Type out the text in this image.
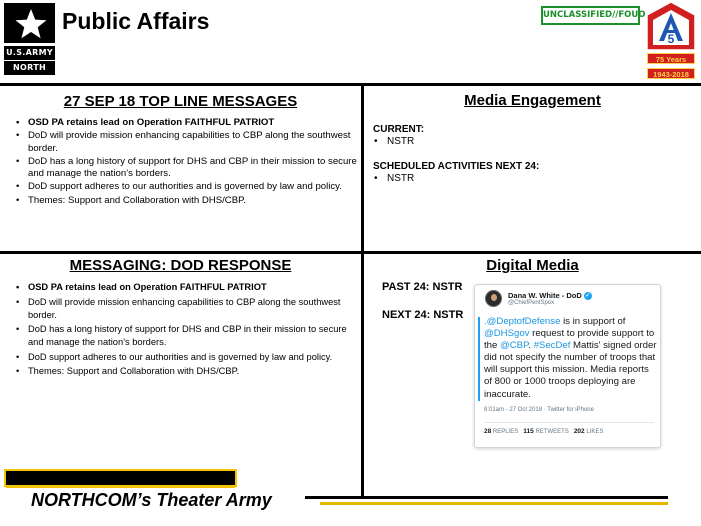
U.S.ARMY
NORTH
Public Affairs	UNCLASSIFIED//FOUO
5
75 Years
1943-2018
27 SEP 18 TOP LINE MESSAGES
• OSD PA retains lead on Operation FAITHFUL PATRIOT
• DoD will provide mission enhancing capabilities to CBP along the southwest border.
• DoD has a long history of support for DHS and CBP in their mission to secure and manage the nation’s borders.
• DoD support adheres to our authorities and is governed by law and policy.
• Themes: Support and Collaboration with DHS/CBP.
Media Engagement
CURRENT:
• NSTR
SCHEDULED ACTIVITIES NEXT 24:
• NSTR
MESSAGING: DOD RESPONSE
• OSD PA retains lead on Operation FAITHFUL PATRIOT
• DoD will provide mission enhancing capabilities to CBP along the southwest border.
• DoD has a long history of support for DHS and CBP in their mission to secure and manage the nation’s borders.
• DoD support adheres to our authorities and is governed by law and policy.
• Themes: Support and Collaboration with DHS/CBP.
Digital Media
PAST 24: NSTR
NEXT 24: NSTR
Dana W. White - DoD ✓
@ChiefPentSpox
.@DeptofDefense is in support of @DHSgov request to provide support to the @CBP. #SecDef Mattis' signed order did not specify the number of troops that will support this mission. Media reports of 800 or 1000 troops deploying are inaccurate.
8:01am - 27 Oct 2018 · Twitter for iPhone
28 REPLIES 115 RETWEETS 202 LIKES
NORTHCOM’s Theater Army
